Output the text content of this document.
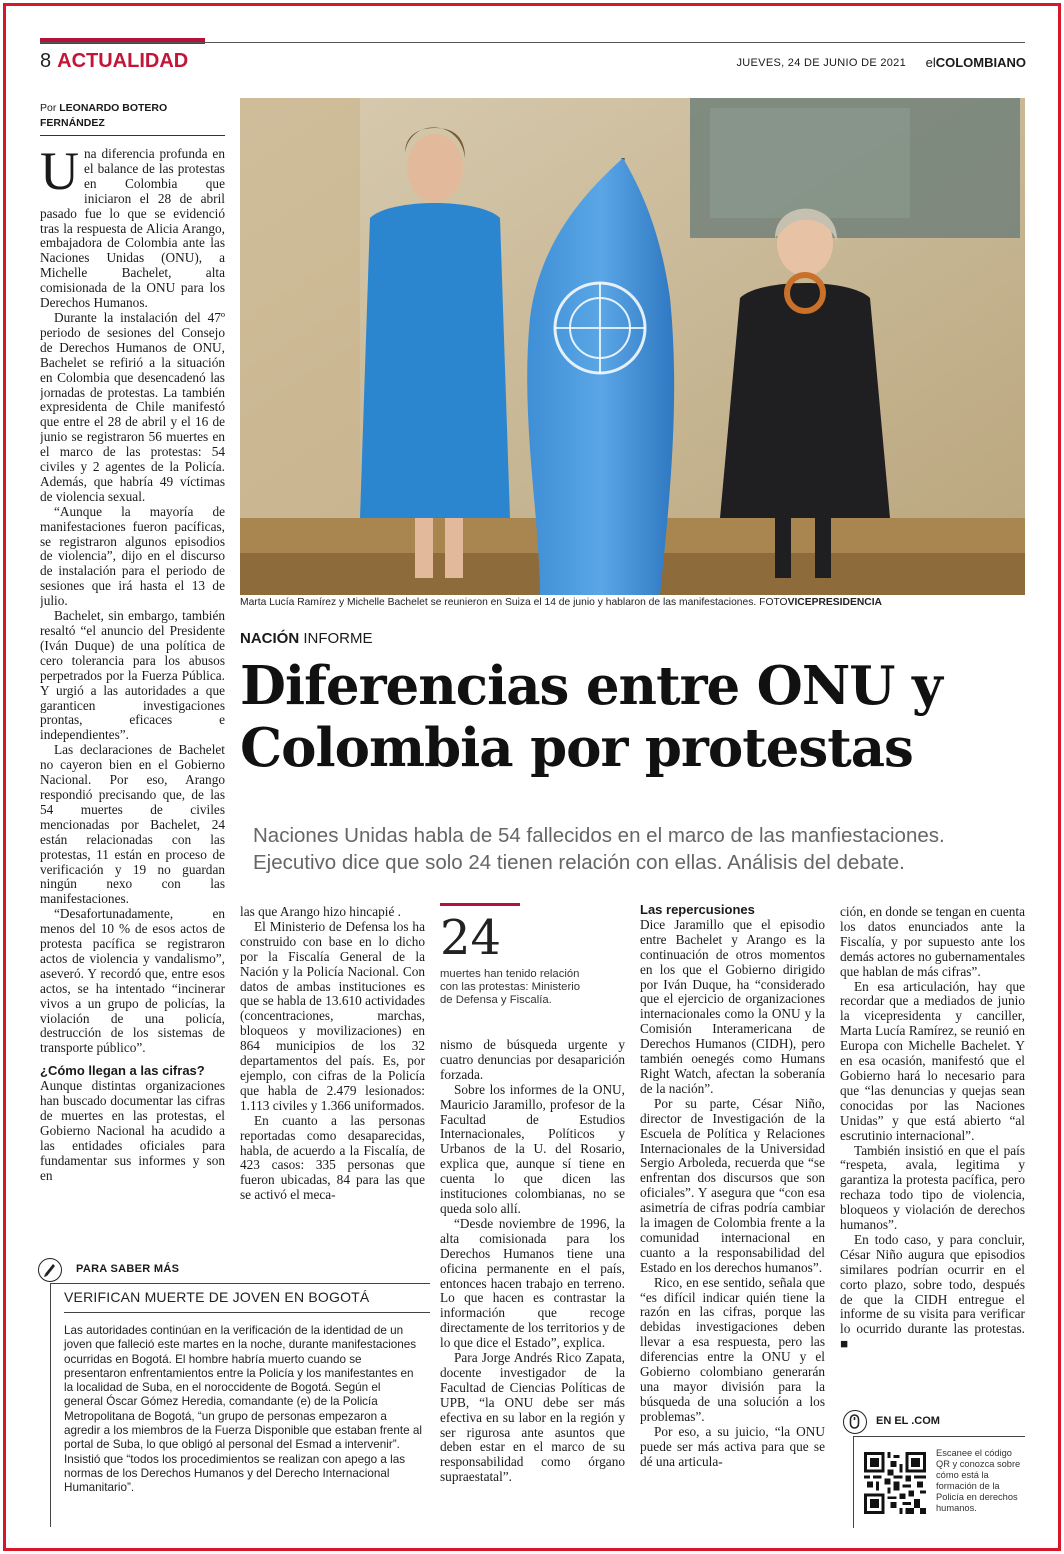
8 ACTUALIDAD	JUEVES, 24 DE JUNIO DE 2021 elCOLOMBIANO
Por LEONARDO BOTERO FERNÁNDEZ

Una diferencia profunda en el balance de las protestas en Colombia que iniciaron el 28 de abril pasado fue lo que se evidenció tras la respuesta de Alicia Arango, embajadora de Colombia ante las Naciones Unidas (ONU), a Michelle Bachelet, alta comisionada de la ONU para los Derechos Humanos.

Durante la instalación del 47º periodo de sesiones del Consejo de Derechos Humanos de ONU, Bachelet se refirió a la situación en Colombia que desencadenó las jornadas de protestas. La también expresidenta de Chile manifestó que entre el 28 de abril y el 16 de junio se registraron 56 muertes en el marco de las protestas: 54 civiles y 2 agentes de la Policía. Además, que habría 49 víctimas de violencia sexual.

“Aunque la mayoría de manifestaciones fueron pacíficas, se registraron algunos episodios de violencia”, dijo en el discurso de instalación para el periodo de sesiones que irá hasta el 13 de julio.

Bachelet, sin embargo, también resaltó “el anuncio del Presidente (Iván Duque) de una política de cero tolerancia para los abusos perpetrados por la Fuerza Pública. Y urgió a las autoridades a que garanticen investigaciones prontas, eficaces e independientes”.

Las declaraciones de Bachelet no cayeron bien en el Gobierno Nacional. Por eso, Arango respondió precisando que, de las 54 muertes de civiles mencionadas por Bachelet, 24 están relacionadas con las protestas, 11 están en proceso de verificación y 19 no guardan ningún nexo con las manifestaciones.

“Desafortunadamente, en menos del 10 % de esos actos de protesta pacífica se registraron actos de violencia y vandalismo”, aseveró. Y recordó que, entre esos actos, se ha intentado “incinerar vivos a un grupo de policías, la violación de una policía, destrucción de los sistemas de transporte público”.

¿Cómo llegan a las cifras?

Aunque distintas organizaciones han buscado documentar las cifras de muertes en las protestas, el Gobierno Nacional ha acudido a las entidades oficiales para fundamentar sus informes y son en

Marta Lucía Ramírez y Michelle Bachelet se reunieron en Suiza el 14 de junio y hablaron de las manifestaciones. FOTOVICEPRESIDENCIA
NACIÓN INFORME
Diferencias entre ONU y Colombia por protestas
Naciones Unidas habla de 54 fallecidos en el marco de las manfiestaciones. Ejecutivo dice que solo 24 tienen relación con ellas. Análisis del debate.

las que Arango hizo hincapié .

El Ministerio de Defensa los ha construido con base en lo dicho por la Fiscalía General de la Nación y la Policía Nacional. Con datos de ambas instituciones es que se habla de 13.610 actividades (concentraciones, marchas, bloqueos y movilizaciones) en 864 municipios de los 32 departamentos del país. Es, por ejemplo, con cifras de la Policía que habla de 2.479 lesionados: 1.113 civiles y 1.366 uniformados.

En cuanto a las personas reportadas como desaparecidas, habla, de acuerdo a la Fiscalía, de 423 casos: 335 personas que fueron ubicadas, 84 para las que se activó el meca-

24
muertes han tenido relación con las protestas: Ministerio de Defensa y Fiscalía.

nismo de búsqueda urgente y cuatro denuncias por desaparición forzada.

Sobre los informes de la ONU, Mauricio Jaramillo, profesor de la Facultad de Estudios Internacionales, Políticos y Urbanos de la U. del Rosario, explica que, aunque sí tiene en cuenta lo que dicen las instituciones colombianas, no se queda solo allí.

“Desde noviembre de 1996, la alta comisionada para los Derechos Humanos tiene una oficina permanente en el país, entonces hacen trabajo en terreno. Lo que hacen es contrastar la información que recoge directamente de los territorios y de lo que dice el Estado”, explica.

Para Jorge Andrés Rico Zapata, docente investigador de la Facultad de Ciencias Políticas de UPB, “la ONU debe ser más efectiva en su labor en la región y ser rigurosa ante asuntos que deben estar en el marco de su responsabilidad como órgano supraestatal”.

Las repercusiones

Dice Jaramillo que el episodio entre Bachelet y Arango es la continuación de otros momentos en los que el Gobierno dirigido por Iván Duque, ha “considerado que el ejercicio de organizaciones internacionales como la ONU y la Comisión Interamericana de Derechos Humanos (CIDH), pero también oenegés como Humans Right Watch, afectan la soberanía de la nación”.

Por su parte, César Niño, director de Investigación de la Escuela de Política y Relaciones Internacionales de la Universidad Sergio Arboleda, recuerda que “se enfrentan dos discursos que son oficiales”. Y asegura que “con esa asimetría de cifras podría cambiar la imagen de Colombia frente a la comunidad internacional en cuanto a la responsabilidad del Estado en los derechos humanos”.

Rico, en ese sentido, señala que “es difícil indicar quién tiene la razón en las cifras, porque las debidas investigaciones deben llevar a esa respuesta, pero las diferencias entre la ONU y el Gobierno colombiano generarán una mayor división para la búsqueda de una solución a los problemas”.

Por eso, a su juicio, “la ONU puede ser más activa para que se dé una articula-

ción, en donde se tengan en cuenta los datos enunciados ante la Fiscalía, y por supuesto ante los demás actores no gubernamentales que hablan de más cifras”.

En esa articulación, hay que recordar que a mediados de junio la vicepresidenta y canciller, Marta Lucía Ramírez, se reunió en Europa con Michelle Bachelet. Y en esa ocasión, manifestó que el Gobierno hará lo necesario para que “las denuncias y quejas sean conocidas por las Naciones Unidas” y que está abierto “al escrutinio internacional”.

También insistió en que el país “respeta, avala, legitima y garantiza la protesta pacífica, pero rechaza todo tipo de violencia, bloqueos y violación de derechos humanos”.

En todo caso, y para concluir, César Niño augura que episodios similares podrían ocurrir en el corto plazo, sobre todo, después de que la CIDH entregue el informe de su visita para verificar lo ocurrido durante las protestas. ■

PARA SABER MÁS
VERIFICAN MUERTE DE JOVEN EN BOGOTÁ
Las autoridades continúan en la verificación de la identidad de un joven que falleció este martes en la noche, durante manifestaciones ocurridas en Bogotá. El hombre habría muerto cuando se presentaron enfrentamientos entre la Policía y los manifestantes en la localidad de Suba, en el noroccidente de Bogotá. Según el general Óscar Gómez Heredia, comandante (e) de la Policía Metropolitana de Bogotá, “un grupo de personas empezaron a agredir a los miembros de la Fuerza Disponible que estaban frente al portal de Suba, lo que obligó al personal del Esmad a intervenir”. Insistió que “todos los procedimientos se realizan con apego a las normas de los Derechos Humanos y del Derecho Internacional Humanitario”.
EN EL .COM
Escanee el código QR y conozca sobre cómo está la formación de la Policía en derechos humanos.
